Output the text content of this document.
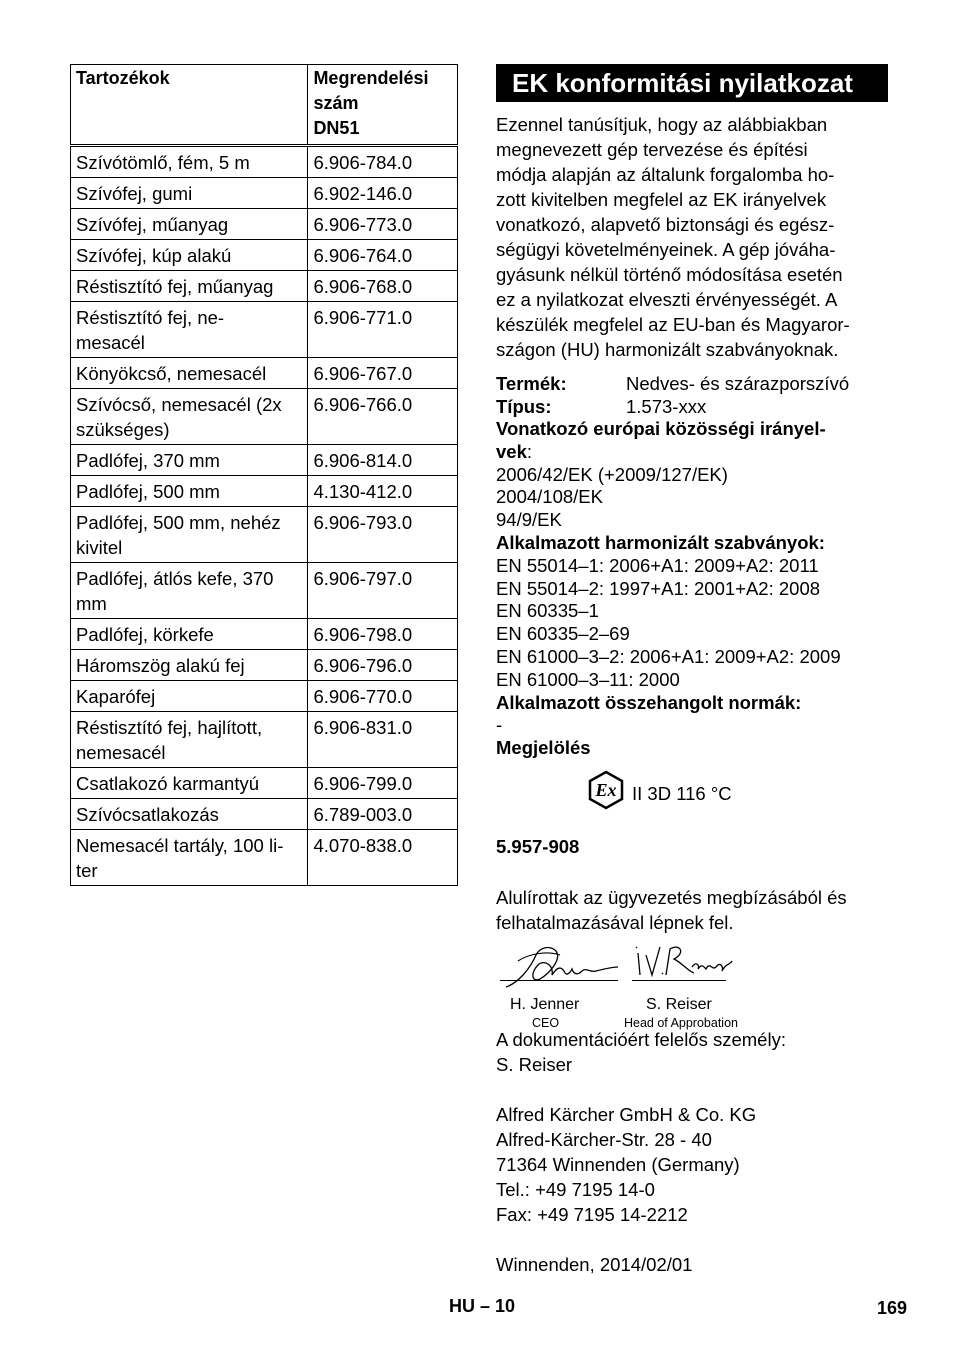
Tartozékok	Megrendelési
szám
DN51

Szívótömlő, fém, 5 m	6.906-784.0
Szívófej, gumi	6.902-146.0
Szívófej, műanyag	6.906-773.0
Szívófej, kúp alakú	6.906-764.0
Réstisztító fej, műanyag	6.906-768.0

Réstisztító fej, ne-
mesacél	6.906-771.0
Könyökcső, nemesacél	6.906-767.0

Szívócső, nemesacél (2x
szükséges)	6.906-766.0
Padlófej, 370 mm	6.906-814.0
Padlófej, 500 mm	4.130-412.0

Padlófej, 500 mm, nehéz
kivitel	6.906-793.0

Padlófej, átlós kefe, 370
mm	6.906-797.0
Padlófej, körkefe	6.906-798.0
Háromszög alakú fej	6.906-796.0
Kaparófej	6.906-770.0

Réstisztító fej, hajlított,
nemesacél	6.906-831.0
Csatlakozó karmantyú	6.906-799.0
Szívócsatlakozás	6.789-003.0

Nemesacél tartály, 100 li-
ter	4.070-838.0
EK konformitási nyilatkozat
Ezennel tanúsítjuk, hogy az alábbiakban
megnevezett gép tervezése és építési
módja alapján az általunk forgalomba ho-
zott kivitelben megfelel az EK irányelvek
vonatkozó, alapvető biztonsági és egész-
ségügyi követelményeinek. A gép jóváha-
gyásunk nélkül történő módosítása esetén
ez a nyilatkozat elveszti érvényességét. A
készülék megfelel az EU-ban és Magyaror-
szágon (HU) harmonizált szabványoknak.
Termék:	Nedves- és szárazporszívó
Típus:	1.573-xxx
Vonatkozó európai közösségi irányel-
vek:
2006/42/EK (+2009/127/EK)
2004/108/EK
94/9/EK
Alkalmazott harmonizált szabványok:
EN 55014–1: 2006+A1: 2009+A2: 2011
EN 55014–2: 1997+A1: 2001+A2: 2008
EN 60335–1
EN 60335–2–69
EN 61000–3–2: 2006+A1: 2009+A2: 2009
EN 61000–3–11: 2000
Alkalmazott összehangolt normák:
-
Megjelölés
Ex II 3D 116 °C
5.957-908
Alulírottak az ügyvezetés megbízásából és
felhatalmazásával lépnek fel.
H. Jenner
CEO
S. Reiser
Head of Approbation
A dokumentációért felelős személy:
S. Reiser
Alfred Kärcher GmbH & Co. KG
Alfred-Kärcher-Str. 28 - 40
71364 Winnenden (Germany)
Tel.: +49 7195 14-0
Fax: +49 7195 14-2212
Winnenden, 2014/02/01
HU – 10	169
